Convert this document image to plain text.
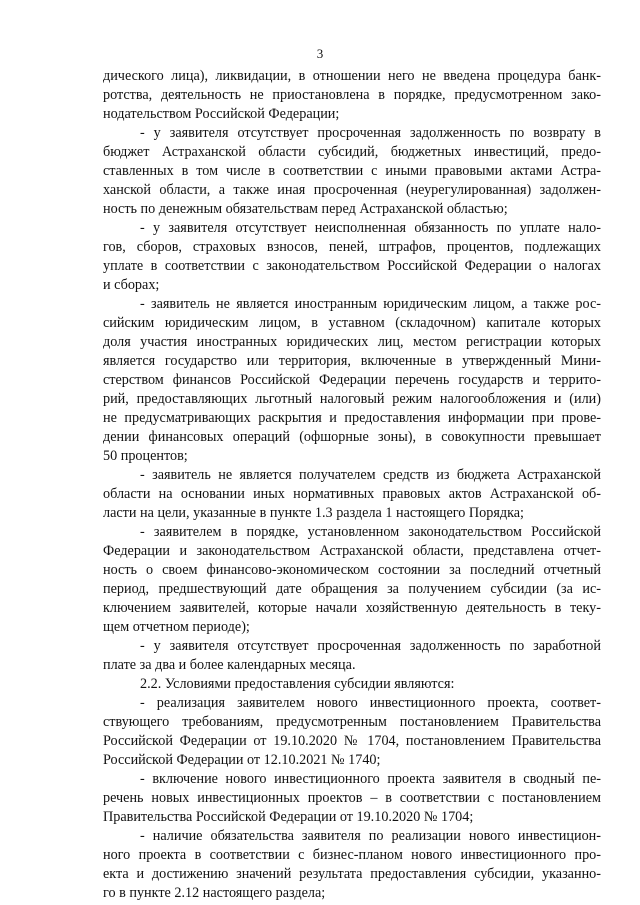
3
дического лица), ликвидации, в отношении него не введена процедура банк-
ротства, деятельность не приостановлена в порядке, предусмотренном зако-
нодательством Российской Федерации;
- у заявителя отсутствует просроченная задолженность по возврату в
бюджет Астраханской области субсидий, бюджетных инвестиций, предо-
ставленных в том числе в соответствии с иными правовыми актами Астра-
ханской области, а также иная просроченная (неурегулированная) задолжен-
ность по денежным обязательствам перед Астраханской областью;
- у заявителя отсутствует неисполненная обязанность по уплате нало-
гов, сборов, страховых взносов, пеней, штрафов, процентов, подлежащих
уплате в соответствии с законодательством Российской Федерации о налогах
и сборах;
- заявитель не является иностранным юридическим лицом, а также рос-
сийским юридическим лицом, в уставном (складочном) капитале которых
доля участия иностранных юридических лиц, местом регистрации которых
является государство или территория, включенные в утвержденный Мини-
стерством финансов Российской Федерации перечень государств и террито-
рий, предоставляющих льготный налоговый режим налогообложения и (или)
не предусматривающих раскрытия и предоставления информации при прове-
дении финансовых операций (офшорные зоны), в совокупности превышает
50 процентов;
- заявитель не является получателем средств из бюджета Астраханской
области на основании иных нормативных правовых актов Астраханской об-
ласти на цели, указанные в пункте 1.3 раздела 1 настоящего Порядка;
- заявителем в порядке, установленном законодательством Российской
Федерации и законодательством Астраханской области, представлена отчет-
ность о своем финансово-экономическом состоянии за последний отчетный
период, предшествующий дате обращения за получением субсидии (за ис-
ключением заявителей, которые начали хозяйственную деятельность в теку-
щем отчетном периоде);
- у заявителя отсутствует просроченная задолженность по заработной
плате за два и более календарных месяца.
2.2. Условиями предоставления субсидии являются:
- реализация заявителем нового инвестиционного проекта, соответ-
ствующего требованиям, предусмотренным постановлением Правительства
Российской Федерации от 19.10.2020 № 1704, постановлением Правительства
Российской Федерации от 12.10.2021 № 1740;
- включение нового инвестиционного проекта заявителя в сводный пе-
речень новых инвестиционных проектов – в соответствии с постановлением
Правительства Российской Федерации от 19.10.2020 № 1704;
- наличие обязательства заявителя по реализации нового инвестицион-
ного проекта в соответствии с бизнес-планом нового инвестиционного про-
екта и достижению значений результата предоставления субсидии, указанно-
го в пункте 2.12 настоящего раздела;
